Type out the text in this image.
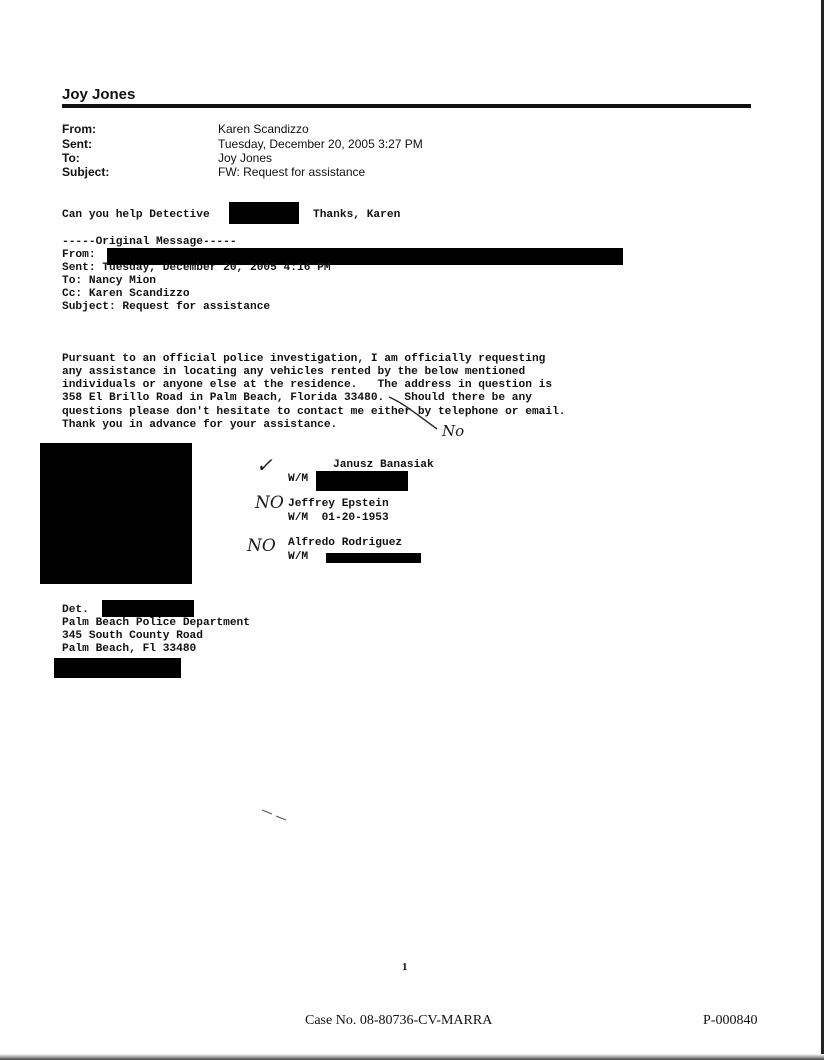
Joy Jones
From:	Karen Scandizzo
Sent:	Tuesday, December 20, 2005 3:27 PM
To:	Joy Jones
Subject:	FW: Request for assistance
Can you help Detective	Thanks, Karen
-----Original Message-----
From:
Sent: Tuesday, December 20, 2005 4:16 PM
To: Nancy Mion
Cc: Karen Scandizzo
Subject: Request for assistance
Pursuant to an official police investigation, I am officially requesting
any assistance in locating any vehicles rented by the below mentioned
individuals or anyone else at the residence.   The address in question is
358 El Brillo Road in Palm Beach, Florida 33480.   Should there be any
questions please don't hesitate to contact me either by telephone or email.
Thank you in advance for your assistance.	No
✓	Janusz Banasiak
W/M
NO Jeffrey Epstein
W/M  01-20-1953
NO Alfredo Rodriguez
W/M
Det.
Palm Beach Police Department
345 South County Road
Palm Beach, Fl 33480
1
Case No. 08-80736-CV-MARRA	P-000840
